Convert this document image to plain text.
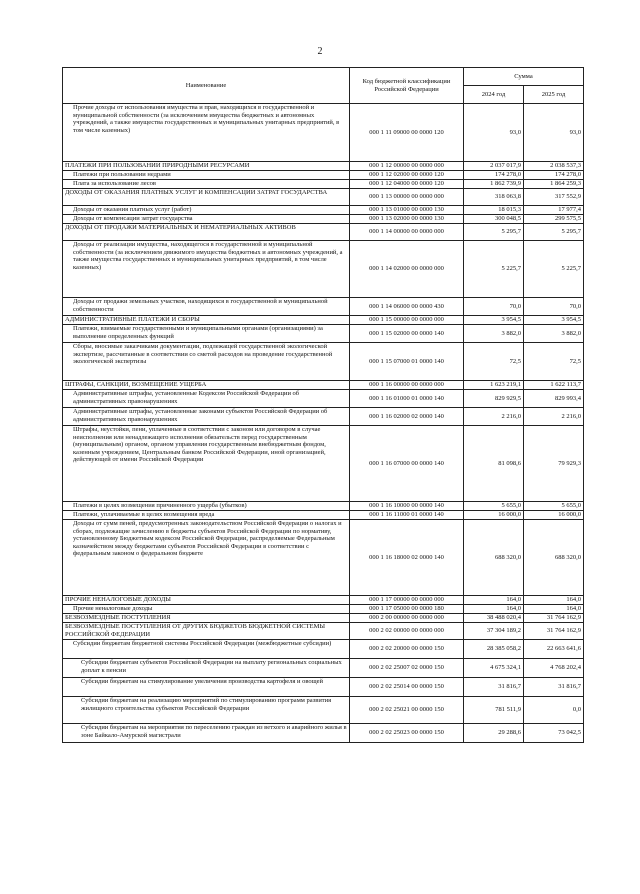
2
Наименование	Код бюджетной классификации Российской Федерации	Сумма	
		2024 год	2025 год
Прочие доходы от использования имущества и прав, находящихся в государственной и муниципальной собственности (за исключением имущества бюджетных и автономных учреждений, а также имущества государственных и муниципальных унитарных предприятий, в том числе казенных)	000 1 11 09000 00 0000 120	93,0	93,0
ПЛАТЕЖИ ПРИ ПОЛЬЗОВАНИИ ПРИРОДНЫМИ РЕСУРСАМИ	000 1 12 00000 00 0000 000	2 037 017,9	2 038 537,3
Платежи при пользовании недрами	000 1 12 02000 00 0000 120	174 278,0	174 278,0
Плата за использование лесов	000 1 12 04000 00 0000 120	1 862 739,9	1 864 259,3
ДОХОДЫ ОТ ОКАЗАНИЯ ПЛАТНЫХ УСЛУГ И КОМПЕНСАЦИИ ЗАТРАТ ГОСУДАРСТВА	000 1 13 00000 00 0000 000	318 063,8	317 552,9
Доходы от оказания платных услуг (работ)	000 1 13 01000 00 0000 130	18 015,3	17 977,4
Доходы от компенсации затрат государства	000 1 13 02000 00 0000 130	300 048,5	299 575,5
ДОХОДЫ ОТ ПРОДАЖИ МАТЕРИАЛЬНЫХ И НЕМАТЕРИАЛЬНЫХ АКТИВОВ	000 1 14 00000 00 0000 000	5 295,7	5 295,7
Доходы от реализации имущества, находящегося в государственной и муниципальной собственности (за исключением движимого имущества бюджетных и автономных учреждений, а также имущества государственных и муниципальных унитарных предприятий, в том числе казенных)	000 1 14 02000 00 0000 000	5 225,7	5 225,7
Доходы от продажи земельных участков, находящихся в государственной и муниципальной собственности	000 1 14 06000 00 0000 430	70,0	70,0
АДМИНИСТРАТИВНЫЕ ПЛАТЕЖИ И СБОРЫ	000 1 15 00000 00 0000 000	3 954,5	3 954,5
Платежи, взимаемые государственными и муниципальными органами (организациями) за выполнение определенных функций	000 1 15 02000 00 0000 140	3 882,0	3 882,0
Сборы, вносимые заказчиками документации, подлежащей государственной экологической экспертизе, рассчитанные в соответствии со сметой расходов на проведение государственной экологической экспертизы	000 1 15 07000 01 0000 140	72,5	72,5
ШТРАФЫ, САНКЦИИ, ВОЗМЕЩЕНИЕ УЩЕРБА	000 1 16 00000 00 0000 000	1 623 219,1	1 622 113,7
Административные штрафы, установленные Кодексом Российской Федерации об административных правонарушениях	000 1 16 01000 01 0000 140	829 929,5	829 993,4
Административные штрафы, установленные законами субъектов Российской Федерации об административных правонарушениях	000 1 16 02000 02 0000 140	2 216,0	2 216,0
Штрафы, неустойки, пени, уплаченные в соответствии с законом или договором в случае неисполнения или ненадлежащего исполнения обязательств перед государственным (муниципальным) органом, органом управления государственным внебюджетным фондом, казенным учреждением, Центральным банком Российской Федерации, иной организацией, действующей от имени Российской Федерации	000 1 16 07000 00 0000 140	81 098,6	79 929,3
Платежи в целях возмещения причиненного ущерба (убытков)	000 1 16 10000 00 0000 140	5 655,0	5 655,0
Платежи, уплачиваемые в целях возмещения вреда	000 1 16 11000 01 0000 140	16 000,0	16 000,0
Доходы от сумм пеней, предусмотренных законодательством Российской Федерации о налогах и сборах, подлежащие зачислению в бюджеты субъектов Российской Федерации по нормативу, установленному Бюджетным кодексом Российской Федерации, распределяемые Федеральным казначейством между бюджетами субъектов Российской Федерации в соответствии с федеральным законом о федеральном бюджете	000 1 16 18000 02 0000 140	688 320,0	688 320,0
ПРОЧИЕ НЕНАЛОГОВЫЕ ДОХОДЫ	000 1 17 00000 00 0000 000	164,0	164,0
Прочие неналоговые доходы	000 1 17 05000 00 0000 180	164,0	164,0
БЕЗВОЗМЕЗДНЫЕ ПОСТУПЛЕНИЯ	000 2 00 00000 00 0000 000	38 488 020,4	31 764 162,9
БЕЗВОЗМЕЗДНЫЕ ПОСТУПЛЕНИЯ ОТ ДРУГИХ БЮДЖЕТОВ БЮДЖЕТНОЙ СИСТЕМЫ РОССИЙСКОЙ ФЕДЕРАЦИИ	000 2 02 00000 00 0000 000	37 304 189,2	31 764 162,9
Субсидии бюджетам бюджетной системы Российской Федерации (межбюджетные субсидии)	000 2 02 20000 00 0000 150	28 385 058,2	22 663 641,6
Субсидии бюджетам субъектов Российской Федерации на выплату региональных социальных доплат к пенсии	000 2 02 25007 02 0000 150	4 675 324,1	4 768 202,4
Субсидии бюджетам на стимулирование увеличения производства картофеля и овощей	000 2 02 25014 00 0000 150	31 816,7	31 816,7
Субсидии бюджетам на реализацию мероприятий по стимулированию программ развития жилищного строительства субъектов Российской Федерации	000 2 02 25021 00 0000 150	781 511,9	0,0
Субсидии бюджетам на мероприятия по переселению граждан из ветхого и аварийного жилья в зоне Байкало-Амурской магистрали	000 2 02 25023 00 0000 150	29 288,6	73 042,5
